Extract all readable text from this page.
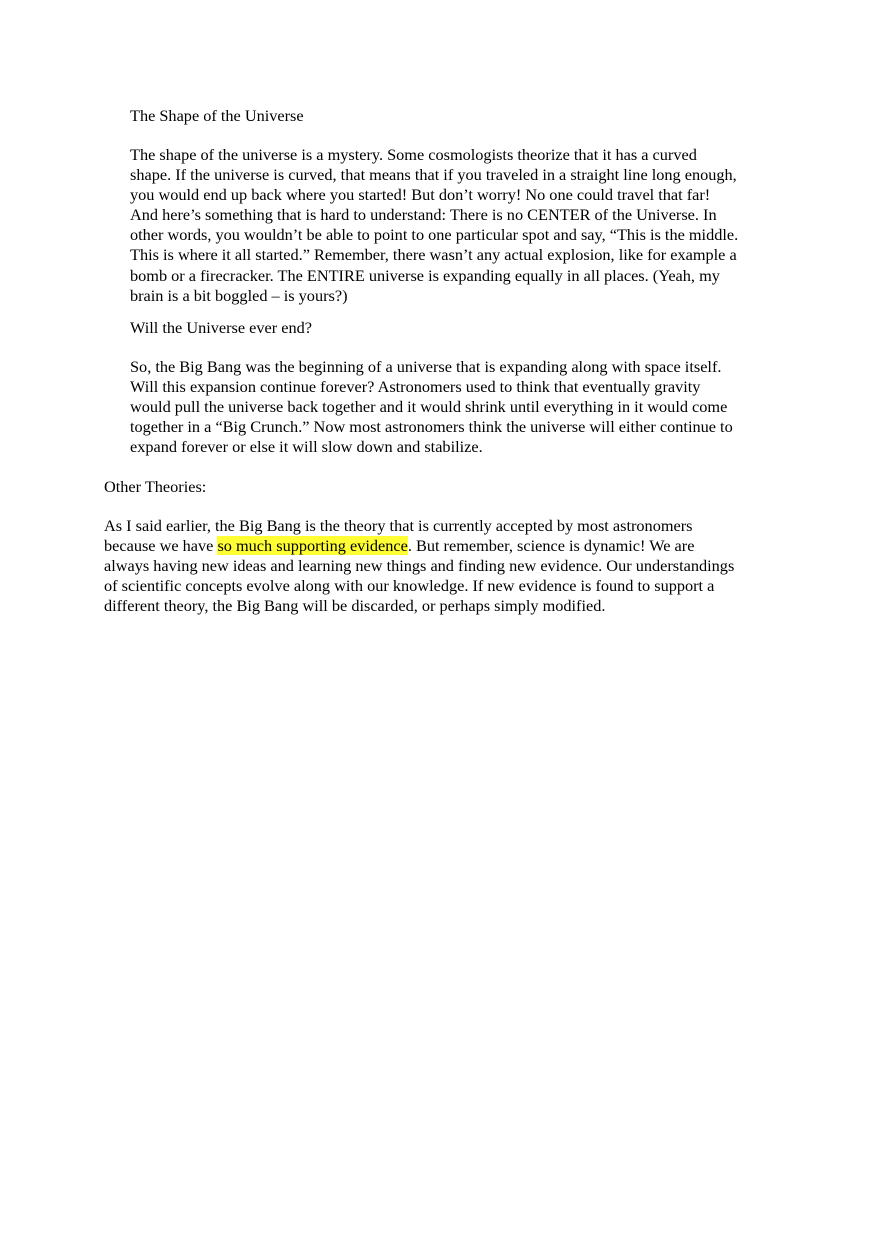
The Shape of the Universe

The shape of the universe is a mystery. Some cosmologists theorize that it has a curved

shape. If the universe is curved, that means that if you traveled in a straight line long enough,

you would end up back where you started! But don’t worry! No one could travel that far!

And here’s something that is hard to understand: There is no CENTER of the Universe. In

other words, you wouldn’t be able to point to one particular spot and say, “This is the middle.

This is where it all started.” Remember, there wasn’t any actual explosion, like for example a

bomb or a firecracker. The ENTIRE universe is expanding equally in all places. (Yeah, my

brain is a bit boggled – is yours?)

Will the Universe ever end?

So, the Big Bang was the beginning of a universe that is expanding along with space itself.

Will this expansion continue forever? Astronomers used to think that eventually gravity

would pull the universe back together and it would shrink until everything in it would come

together in a “Big Crunch.” Now most astronomers think the universe will either continue to

expand forever or else it will slow down and stabilize.

Other Theories:

As I said earlier, the Big Bang is the theory that is currently accepted by most astronomers

because we have so much supporting evidence. But remember, science is dynamic! We are

always having new ideas and learning new things and finding new evidence. Our understandings

of scientific concepts evolve along with our knowledge. If new evidence is found to support a

different theory, the Big Bang will be discarded, or perhaps simply modified.
